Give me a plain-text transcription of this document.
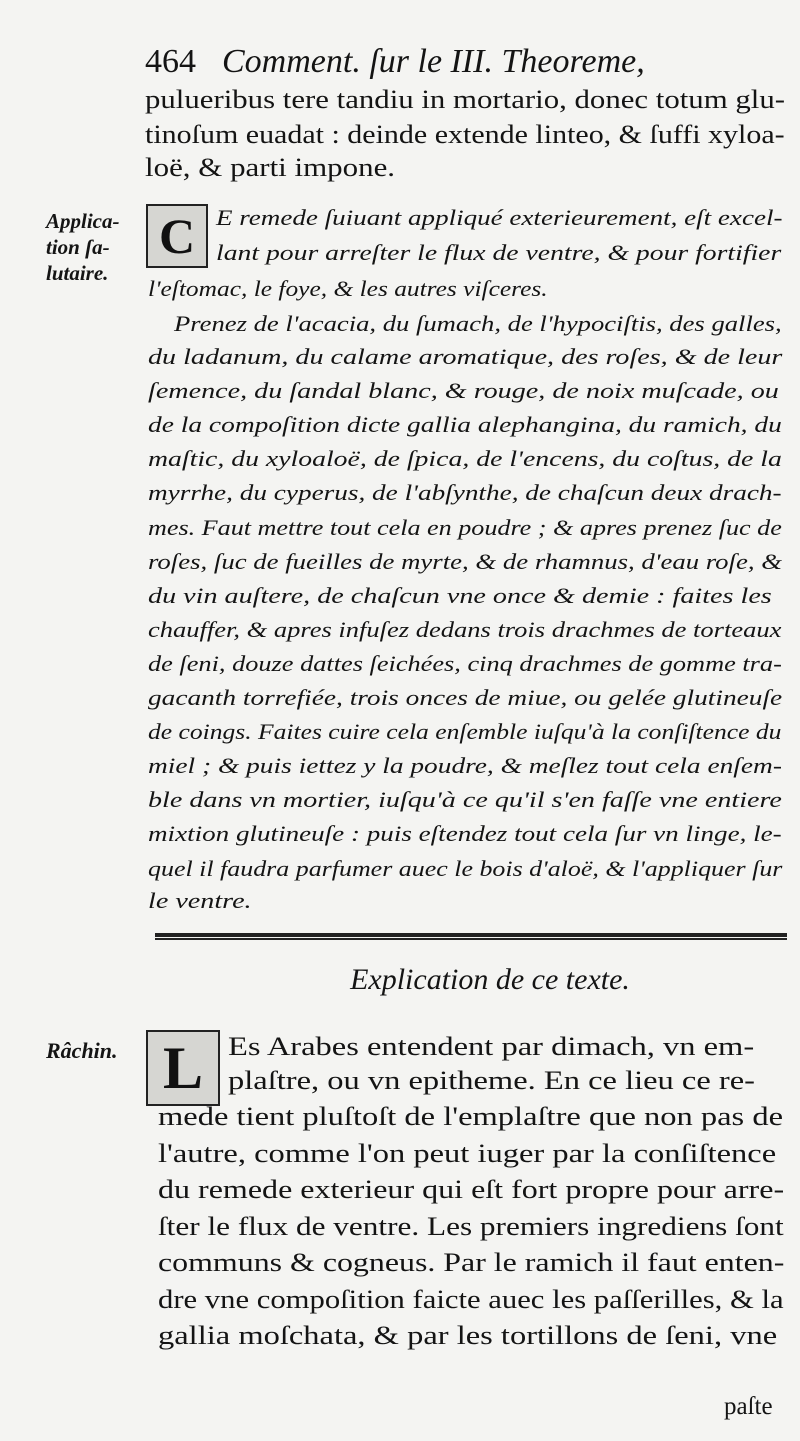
464 Comment. ſur le III. Theoreme,
pulueribus tere tandiu in mortario, donec totum glu-
tinoſum euadat : deinde extende linteo, & ſuffi xyloa-
loë, & parti impone.
Applica-
tion ſa-
lutaire.
C E remede ſuiuant appliqué exterieurement, eſt excel-
lant pour arreſter le flux de ventre, & pour fortifier
l'eſtomac, le foye, & les autres viſceres.
Prenez de l'acacia, du ſumach, de l'hypociſtis, des galles,
du ladanum, du calame aromatique, des roſes, & de leur
ſemence, du ſandal blanc, & rouge, de noix muſcade, ou
de la compoſition dicte gallia alephangina, du ramich, du
maſtic, du xyloaloë, de ſpica, de l'encens, du coſtus, de la
myrrhe, du cyperus, de l'abſynthe, de chaſcun deux drach-
mes. Faut mettre tout cela en poudre ; & apres prenez ſuc de
roſes, ſuc de fueilles de myrte, & de rhamnus, d'eau roſe, &
du vin auſtere, de chaſcun vne once & demie : faites les
chauffer, & apres infuſez dedans trois drachmes de torteaux
de ſeni, douze dattes ſeichées, cinq drachmes de gomme tra-
gacanth torrefiée, trois onces de miue, ou gelée glutineuſe
de coings. Faites cuire cela enſemble iuſqu'à la conſiſtence du
miel ; & puis iettez y la poudre, & meſlez tout cela enſem-
ble dans vn mortier, iuſqu'à ce qu'il s'en faſſe vne entiere
mixtion glutineuſe : puis eſtendez tout cela ſur vn linge, le-
quel il faudra parfumer auec le bois d'aloë, & l'appliquer ſur
le ventre.
Explication de ce texte.
Râchin. L Es Arabes entendent par dimach, vn em-
plaſtre, ou vn epitheme. En ce lieu ce re-
mede tient pluſtoſt de l'emplaſtre que non pas de
l'autre, comme l'on peut iuger par la conſiſtence
du remede exterieur qui eſt fort propre pour arre-
ſter le flux de ventre. Les premiers ingrediens ſont
communs & cogneus. Par le ramich il faut enten-
dre vne compoſition faicte auec les paſſerilles, & la
gallia moſchata, & par les tortillons de ſeni, vne
paſte
